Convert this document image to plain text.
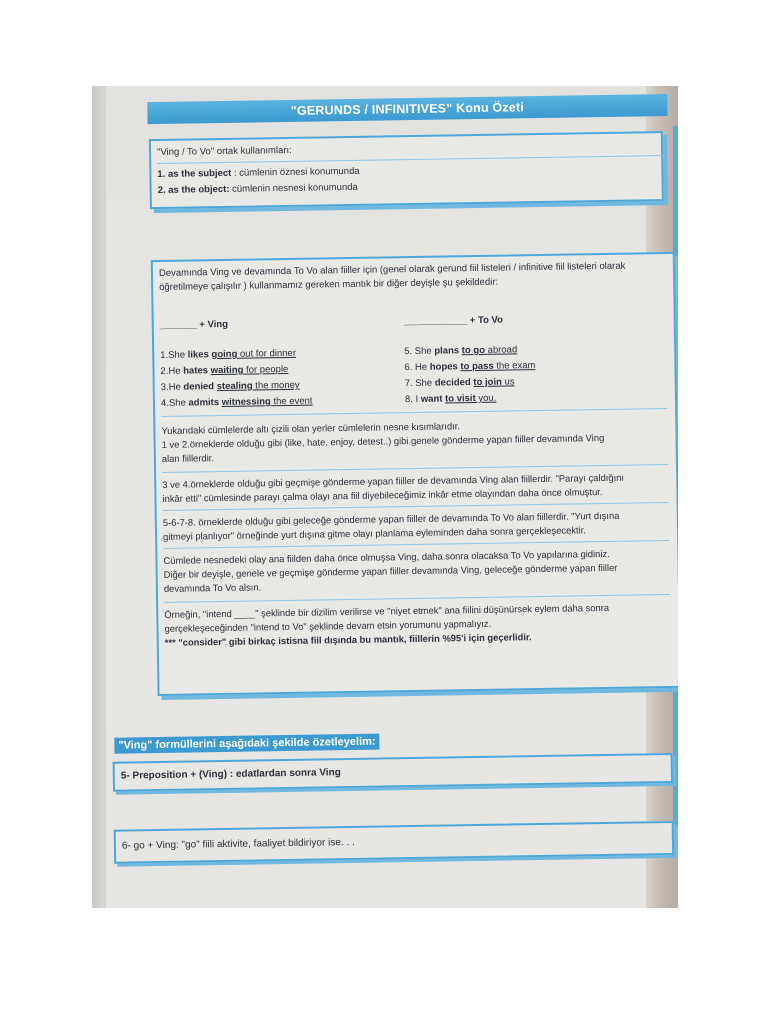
"GERUNDS / INFINITIVES" Konu Özeti
"Ving / To Vo" ortak kullanımları:
1. as the subject : cümlenin öznesi konumunda
2. as the object: cümlenin nesnesi konumunda
Devamında Ving ve devamında To Vo alan fiiller için (genel olarak gerund fiil listeleri / infinitive fiil listeleri olarak
öğretilmeye çalışılır ) kullanmamız gereken mantık bir diğer deyişle şu şekildedir:
_______ + Ving	____________ + To Vo
1.She likes going out for dinner
2.He hates waiting for people
3.He denied stealing the money
4.She admits witnessing the event
5. She plans to go abroad
6. He hopes to pass the exam
7. She decided to join us
8. I want to visit you.
Yukarıdaki cümlelerde altı çizili olan yerler cümlelerin nesne kısımlarıdır.
1 ve 2.örneklerde olduğu gibi (like, hate, enjoy, detest..) gibi genele gönderme yapan fiiller devamında Ving
alan fiillerdir.
3 ve 4.örneklerde olduğu gibi geçmişe gönderme yapan fiiller de devamında Ving alan fiillerdir. "Parayı çaldığını
inkâr etti" cümlesinde parayı çalma olayı ana fiil diyebileceğimiz inkâr etme olayından daha önce olmuştur.
5-6-7-8. örneklerde olduğu gibi geleceğe gönderme yapan fiiller de devamında To Vo alan fiillerdir. "Yurt dışına
gitmeyi planlıyor" örneğinde yurt dışına gitme olayı planlama eyleminden daha sonra gerçekleşecektir.
Cümlede nesnedeki olay ana fiilden daha önce olmuşsa Ving, daha sonra olacaksa To Vo yapılarına gidiniz.
Diğer bir deyişle, genele ve geçmişe gönderme yapan fiiller devamında Ving, geleceğe gönderme yapan fiiller
devamında To Vo alsın.
Örneğin, "intend ____" şeklinde bir dizilim verilirse ve "niyet etmek" ana fiilini düşünürsek eylem daha sonra
gerçekleşeceğinden "intend to Vo" şeklinde devam etsin yorumunu yapmalıyız.
*** "consider" gibi birkaç istisna fiil dışında bu mantık, fiillerin %95'i için geçerlidir.
"Ving" formüllerini aşağıdaki şekilde özetleyelim:
5- Preposition + (Ving) : edatlardan sonra Ving
6- go + Ving: "go" fiili aktivite, faaliyet bildiriyor ise. . .
